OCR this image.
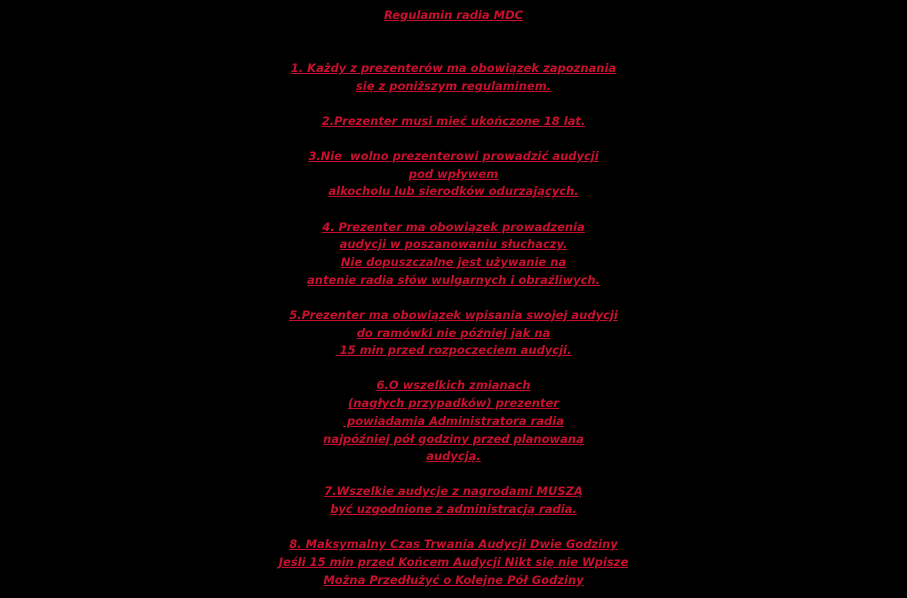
Regulamin radia MDC
1. Każdy z prezenterów ma obowiązek zapoznania
się z poniższym regulaminem.
2.Prezenter musi mieć ukończone 18 lat.
3.Nie  wolno prezenterowi prowadzić audycji
pod wpływem
alkocholu lub sierodków odurzających.
4. Prezenter ma obowiązek prowadzenia
audycji w poszanowaniu słuchaczy.
Nie dopuszczalne jest używanie na
antenie radia słów wulgarnych i obraźliwych.
5.Prezenter ma obowiązek wpisania swojej audycji
do ramówki nie później jak na
15 min przed rozpoczeciem audycji.
6.O wszelkich zmianach
(nagłych przypadków) prezenter
powiadamia Administratora radia
najpóźniej pół godziny przed planowaną
audycją.
7.Wszelkie audycje z nagrodami MUSZĄ
być uzgodnione z administracją radia.
8. Maksymalny Czas Trwania Audycji Dwie Godziny
Jeśli 15 min przed Końcem Audycji Nikt się nie Wpisze
Można Przedłużyć o Kolejne Pół Godziny
